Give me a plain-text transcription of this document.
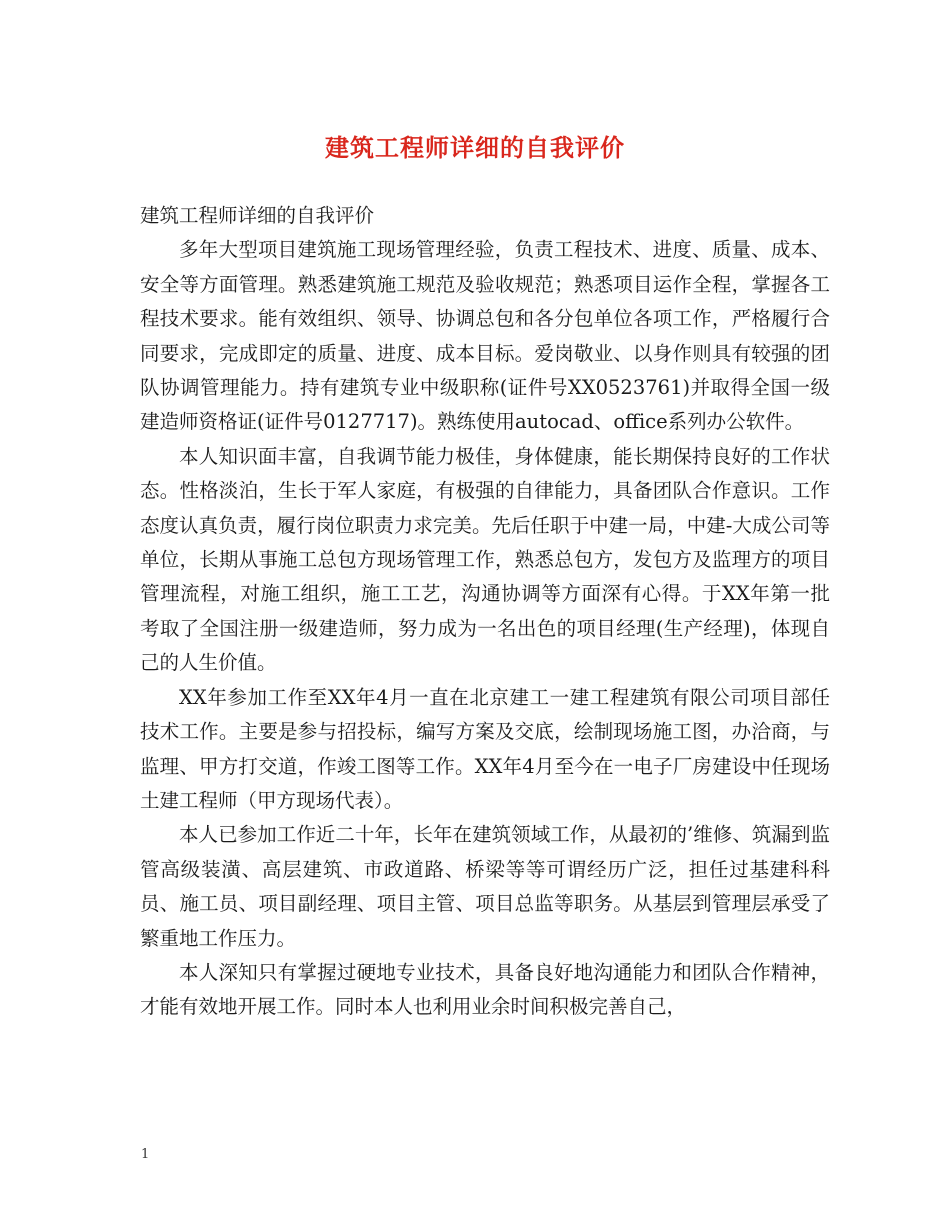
建筑工程师详细的自我评价

建筑工程师详细的自我评价

多年大型项目建筑施工现场管理经验，负责工程技术、进度、质量、成本、安全等方面管理。熟悉建筑施工规范及验收规范；熟悉项目运作全程，掌握各工程技术要求。能有效组织、领导、协调总包和各分包单位各项工作，严格履行合同要求，完成即定的质量、进度、成本目标。爱岗敬业、以身作则具有较强的团队协调管理能力。持有建筑专业中级职称(证件号XX0523761)并取得全国一级建造师资格证(证件号0127717)。熟练使用autocad、office系列办公软件。

本人知识面丰富，自我调节能力极佳，身体健康，能长期保持良好的工作状态。性格淡泊，生长于军人家庭，有极强的自律能力，具备团队合作意识。工作态度认真负责，履行岗位职责力求完美。先后任职于中建一局，中建-大成公司等单位，长期从事施工总包方现场管理工作，熟悉总包方，发包方及监理方的项目管理流程，对施工组织，施工工艺，沟通协调等方面深有心得。于XX年第一批考取了全国注册一级建造师，努力成为一名出色的项目经理(生产经理)，体现自己的人生价值。

XX年参加工作至XX年4月一直在北京建工一建工程建筑有限公司项目部任技术工作。主要是参与招投标，编写方案及交底，绘制现场施工图，办洽商，与监理、甲方打交道，作竣工图等工作。XX年4月至今在一电子厂房建设中任现场土建工程师（甲方现场代表）。

本人已参加工作近二十年，长年在建筑领域工作，从最初的’维修、筑漏到监管高级装潢、高层建筑、市政道路、桥梁等等可谓经历广泛，担任过基建科科员、施工员、项目副经理、项目主管、项目总监等职务。从基层到管理层承受了繁重地工作压力。

本人深知只有掌握过硬地专业技术，具备良好地沟通能力和团队合作精神，才能有效地开展工作。同时本人也利用业余时间积极完善自己，

1
